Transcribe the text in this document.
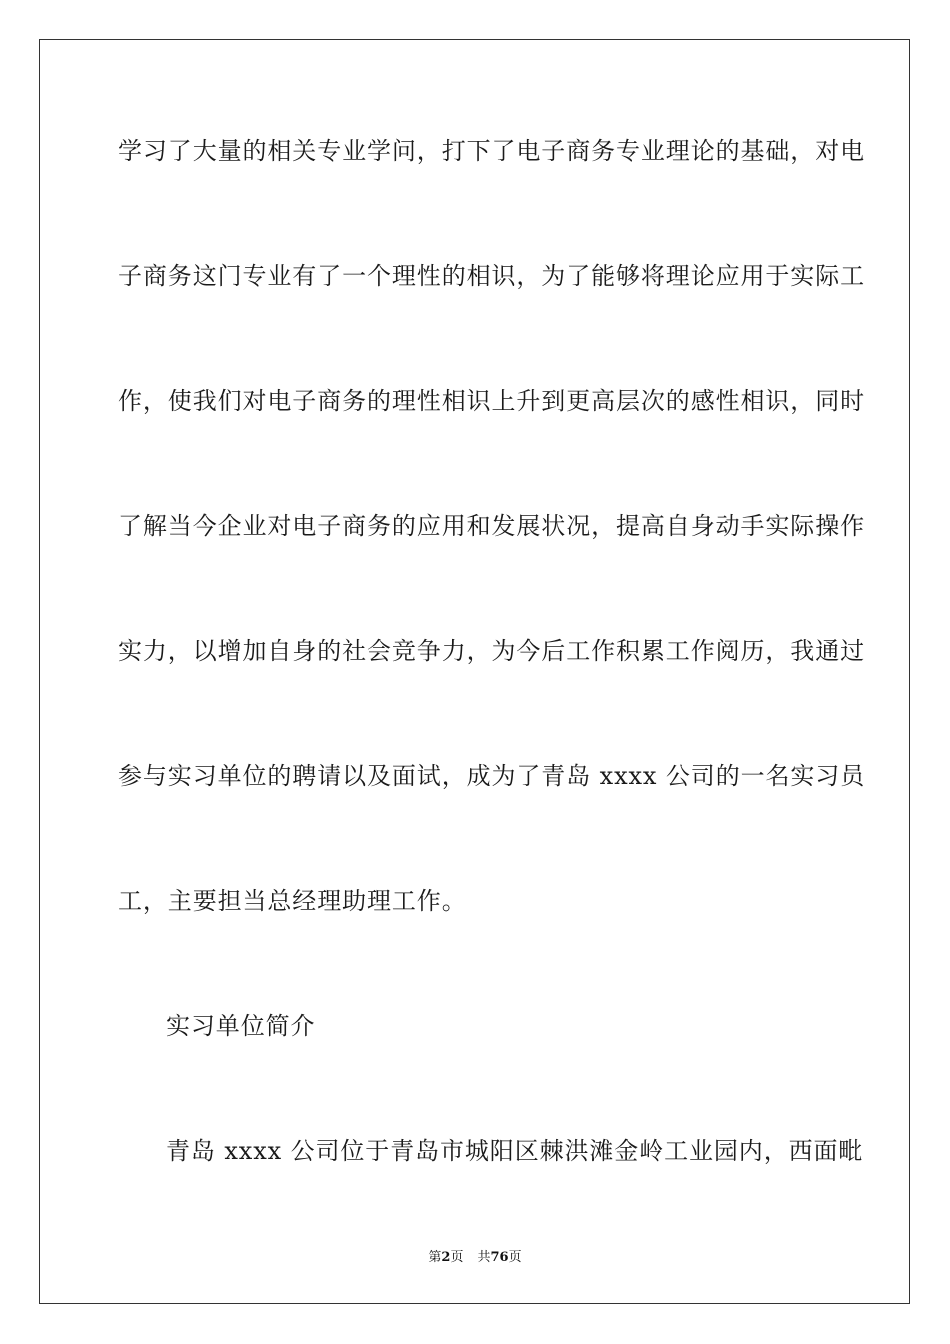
学习了大量的相关专业学问，打下了电子商务专业理论的基础，对电
子商务这门专业有了一个理性的相识，为了能够将理论应用于实际工
作，使我们对电子商务的理性相识上升到更高层次的感性相识，同时
了解当今企业对电子商务的应用和发展状况，提高自身动手实际操作
实力，以增加自身的社会竞争力，为今后工作积累工作阅历，我通过
参与实习单位的聘请以及面试，成为了青岛 xxxx 公司的一名实习员
工，主要担当总经理助理工作。
实习单位简介
青岛 xxxx 公司位于青岛市城阳区棘洪滩金岭工业园内，西面毗
第2页 共76页
